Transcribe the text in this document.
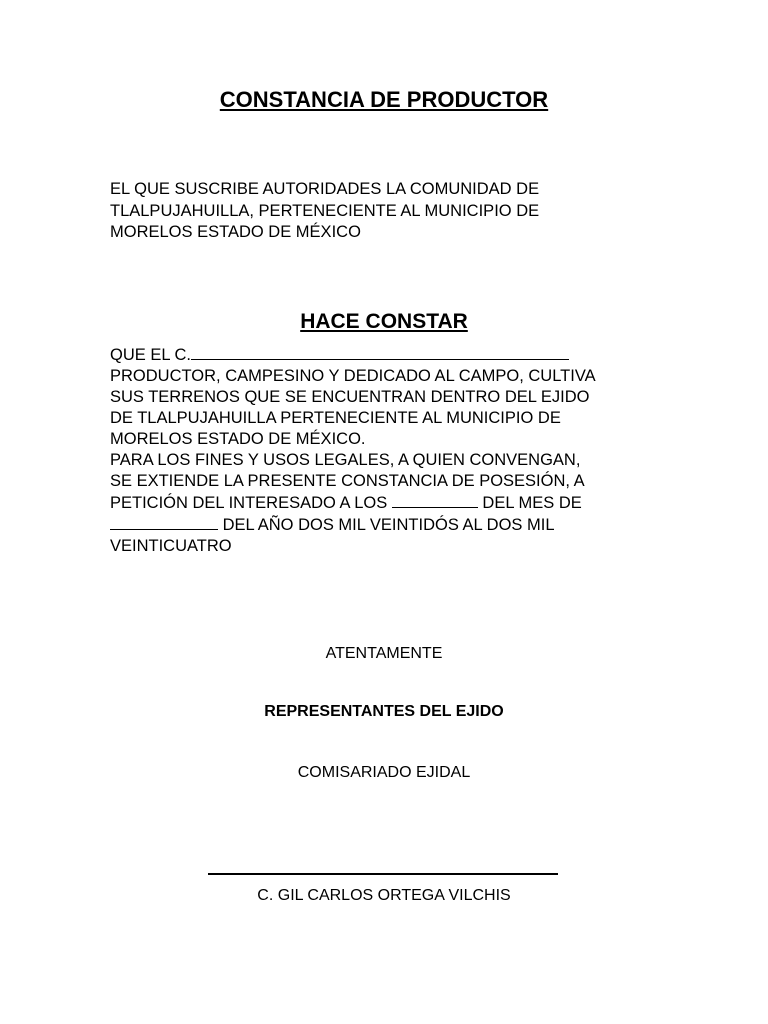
CONSTANCIA DE PRODUCTOR
EL QUE SUSCRIBE AUTORIDADES LA COMUNIDAD DE
TLALPUJAHUILLA, PERTENECIENTE AL MUNICIPIO DE
MORELOS ESTADO DE MÉXICO
HACE CONSTAR
QUE EL C.
PRODUCTOR, CAMPESINO Y DEDICADO AL CAMPO, CULTIVA
SUS TERRENOS QUE SE ENCUENTRAN DENTRO DEL EJIDO
DE TLALPUJAHUILLA PERTENECIENTE AL MUNICIPIO DE
MORELOS ESTADO DE MÉXICO.
PARA LOS FINES Y USOS LEGALES, A QUIEN CONVENGAN,
SE EXTIENDE LA PRESENTE CONSTANCIA DE POSESIÓN, A
PETICIÓN DEL INTERESADO A LOS	DEL MES DE
DEL AÑO DOS MIL VEINTIDÓS AL DOS MIL
VEINTICUATRO
ATENTAMENTE
REPRESENTANTES DEL EJIDO
COMISARIADO EJIDAL
C. GIL CARLOS ORTEGA VILCHIS
